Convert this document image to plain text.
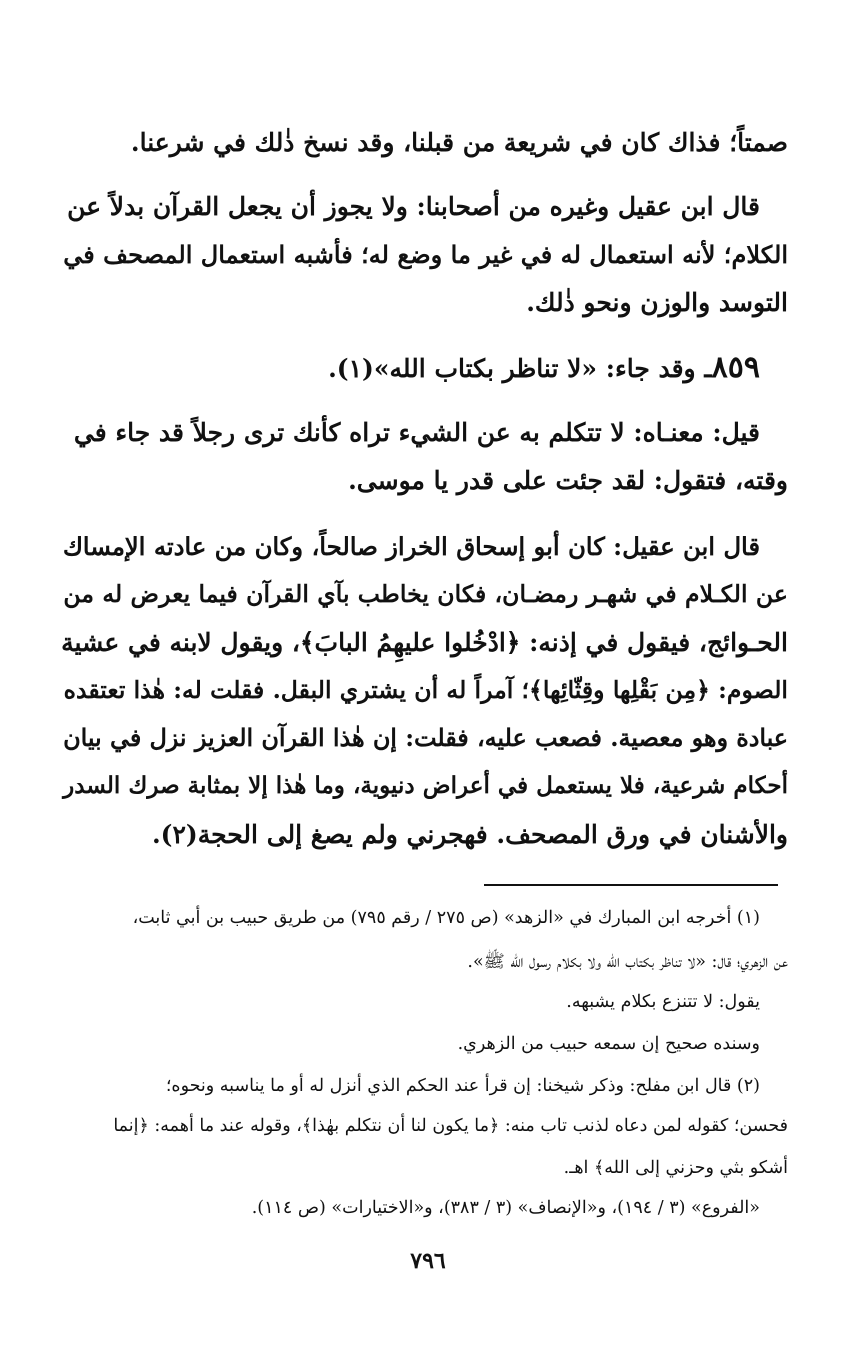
صمتاً؛ فذاك كان في شريعة من قبلنا، وقد نسخ ذٰلك في شرعنا.
قال ابن عقيل وغيره من أصحابنا: ولا يجوز أن يجعل القرآن بدلاً عن
الكلام؛ لأنه استعمال له في غير ما وضع له؛ فأشبه استعمال المصحف في
التوسد والوزن ونحو ذٰلك.
٨٥٩ـ وقد جاء: «لا تناظر بكتاب الله»(١).
قيل: معنـاه: لا تتكلم به عن الشيء تراه كأنك ترى رجلاً قد جاء في
وقته، فتقول: لقد جئت على قدر يا موسى.
قال ابن عقيل: كان أبو إسحاق الخراز صالحاً، وكان من عادته الإمساك
عن الكـلام في شهـر رمضـان، فكان يخاطب بآي القرآن فيما يعرض له من
الحـوائج، فيقول في إذنه: ﴿ادْخُلوا عليهِمُ البابَ﴾، ويقول لابنه في عشية
الصوم: ﴿مِن بَقْلِها وقِثّائِها﴾؛ آمراً له أن يشتري البقل. فقلت له: هٰذا تعتقده
عبادة وهو معصية. فصعب عليه، فقلت: إن هٰذا القرآن العزيز نزل في بيان
أحكام شرعية، فلا يستعمل في أعراض دنيوية، وما هٰذا إلا بمثابة صرك السدر
والأشنان في ورق المصحف. فهجرني ولم يصغ إلى الحجة(٢).
(١) أخرجه ابن المبارك في «الزهد» (ص ٢٧٥ / رقم ٧٩٥) من طريق حبيب بن أبي ثابت،
عن الزهري؛ قال: «لا تناظر بكتاب الله ولا بكلام رسول الله ﷺ».
يقول: لا تتنزع بكلام يشبهه.
وسنده صحيح إن سمعه حبيب من الزهري.
(٢) قال ابن مفلح: وذكر شيخنا: إن قرأ عند الحكم الذي أنزل له أو ما يناسبه ونحوه؛
فحسن؛ كقوله لمن دعاه لذنب تاب منه: ﴿ما يكون لنا أن نتكلم بهٰذا﴾، وقوله عند ما أهمه: ﴿إنما
أشكو بثي وحزني إلى الله﴾ اهـ.
«الفروع» (٣ / ١٩٤)، و«الإنصاف» (٣ / ٣٨٣)، و«الاختيارات» (ص ١١٤).
٧٩٦
